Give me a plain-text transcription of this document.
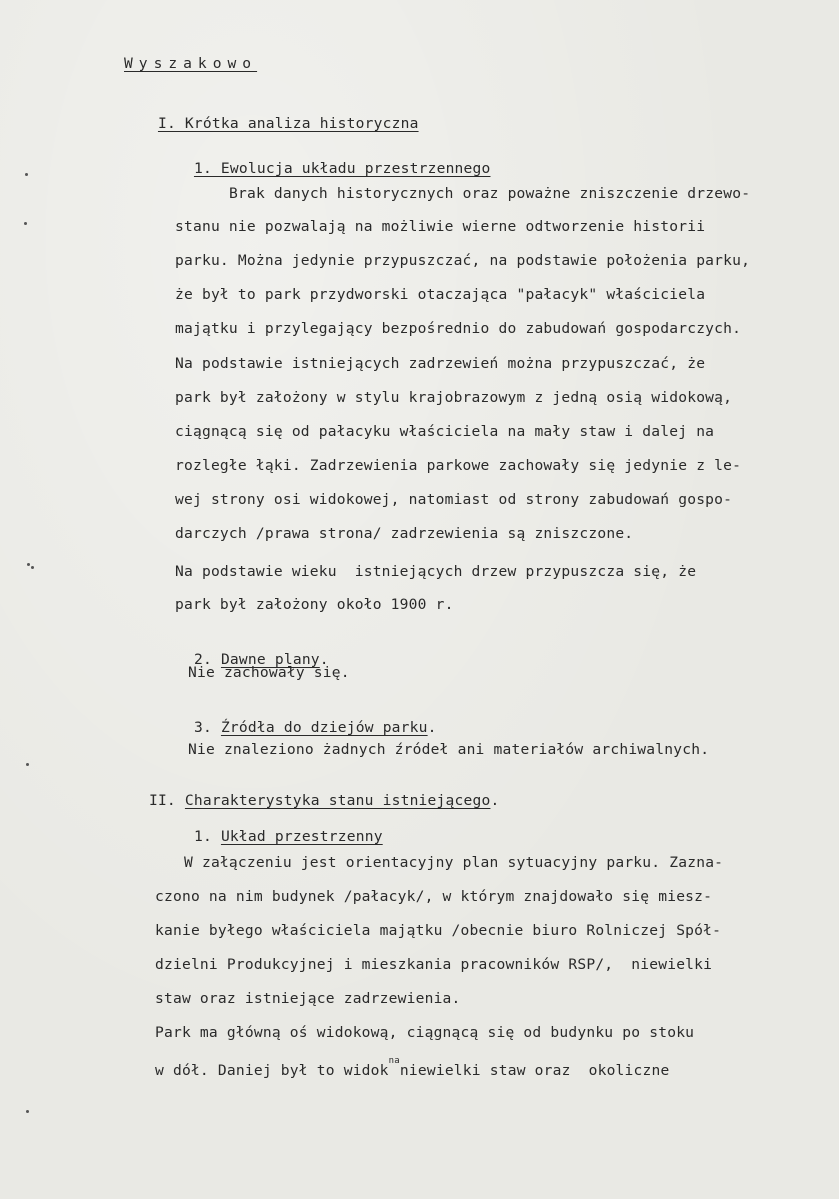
Wyszakowo

I. Krótka analiza historyczna

1. Ewolucja układu przestrzennego

Brak danych historycznych oraz poważne zniszczenie drzewo-
stanu nie pozwalają na możliwie wierne odtworzenie historii
parku. Można jedynie przypuszczać, na podstawie położenia parku,
że był to park przydworski otaczająca "pałacyk" właściciela
majątku i przylegający bezpośrednio do zabudowań gospodarczych.
Na podstawie istniejących zadrzewień można przypuszczać, że
park był założony w stylu krajobrazowym z jedną osią widokową,
ciągnącą się od pałacyku właściciela na mały staw i dalej na
rozległe łąki. Zadrzewienia parkowe zachowały się jedynie z le-
wej strony osi widokowej, natomiast od strony zabudowań gospo-
darczych /prawa strona/ zadrzewienia są zniszczone.
Na podstawie wieku  istniejących drzew przypuszcza się, że
park był założony około 1900 r.

2. Dawne plany.

Nie zachowały się.

3. Źródła do dziejów parku.

Nie znaleziono żadnych źródeł ani materiałów archiwalnych.

II. Charakterystyka stanu istniejącego.

1. Układ przestrzenny

W załączeniu jest orientacyjny plan sytuacyjny parku. Zazna-
czono na nim budynek /pałacyk/, w którym znajdowało się miesz-
kanie byłego właściciela majątku /obecnie biuro Rolniczej Spół-
dzielni Produkcyjnej i mieszkania pracowników RSP/,  niewielki
staw oraz istniejące zadrzewienia.
Park ma główną oś widokową, ciągnącą się od budynku po stoku
w dół. Daniej był to widok$^{na}$niewielki staw oraz  okoliczne
